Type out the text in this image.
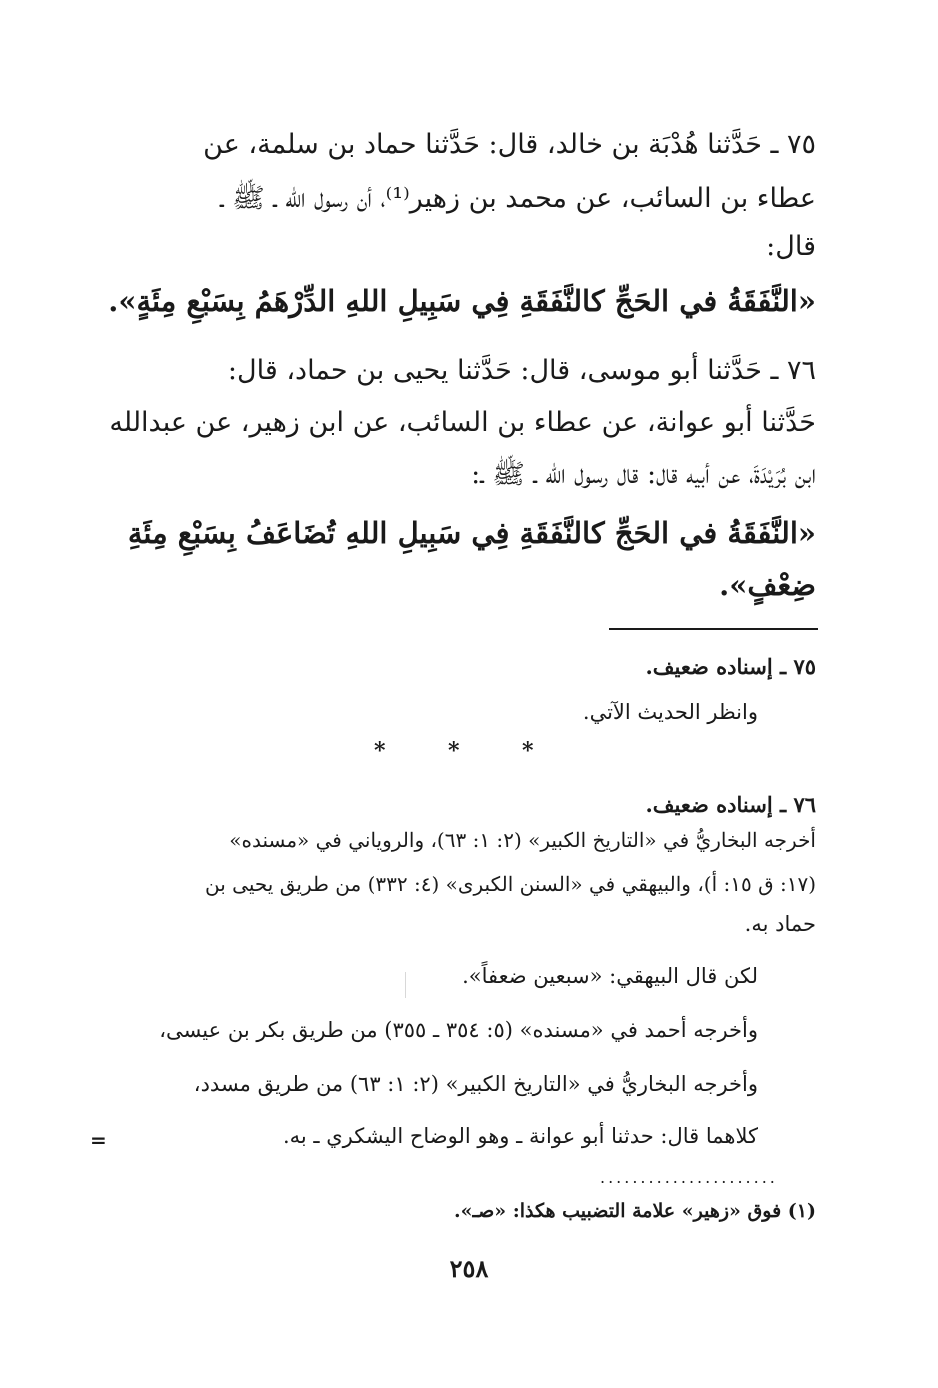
٧٥ ـ حَدَّثنا هُدْبَة بن خالد، قال: حَدَّثنا حماد بن سلمة، عن
عطاء بن السائب، عن محمد بن زهير⁽¹⁾، أن رسول الله ـ ﷺ ـ
قال:
«النَّفَقَةُ في الحَجِّ كالنَّفَقَةِ فِي سَبِيلِ اللهِ الدِّرْهَمُ بِسَبْعِ مِئَةٍ».
٧٦ ـ حَدَّثنا أبو موسى، قال: حَدَّثنا يحيى بن حماد، قال:
حَدَّثنا أبو عوانة، عن عطاء بن السائب، عن ابن زهير، عن عبدالله
ابن بُرَيْدَةَ، عن أبيه قال: قال رسول الله ـ ﷺ ـ:
«النَّفَقَةُ في الحَجِّ كالنَّفَقَةِ فِي سَبِيلِ اللهِ تُضَاعَفُ بِسَبْعِ مِئَةِ
ضِعْفٍ».
٧٥ ـ إسناده ضعيف.
وانظر الحديث الآتي.
*
*
*
٧٦ ـ إسناده ضعيف.
أخرجه البخاريُّ في «التاريخ الكبير» (٢: ١: ٦٣)، والروياني في «مسنده»
(١٧: ق ١٥: أ)، والبيهقي في «السنن الكبرى» (٤: ٣٣٢) من طريق يحيى بن
حماد به.
لكن قال البيهقي: «سبعين ضعفاً».
وأخرجه أحمد في «مسنده» (٥: ٣٥٤ ـ ٣٥٥) من طريق بكر بن عيسى،
وأخرجه البخاريُّ في «التاريخ الكبير» (٢: ١: ٦٣) من طريق مسدد،
كلاهما قال: حدثنا أبو عوانة ـ وهو الوضاح اليشكري ـ به.
=
......................
(١) فوق «زهير» علامة التضبيب هكذا: «صـ».
٢٥٨
